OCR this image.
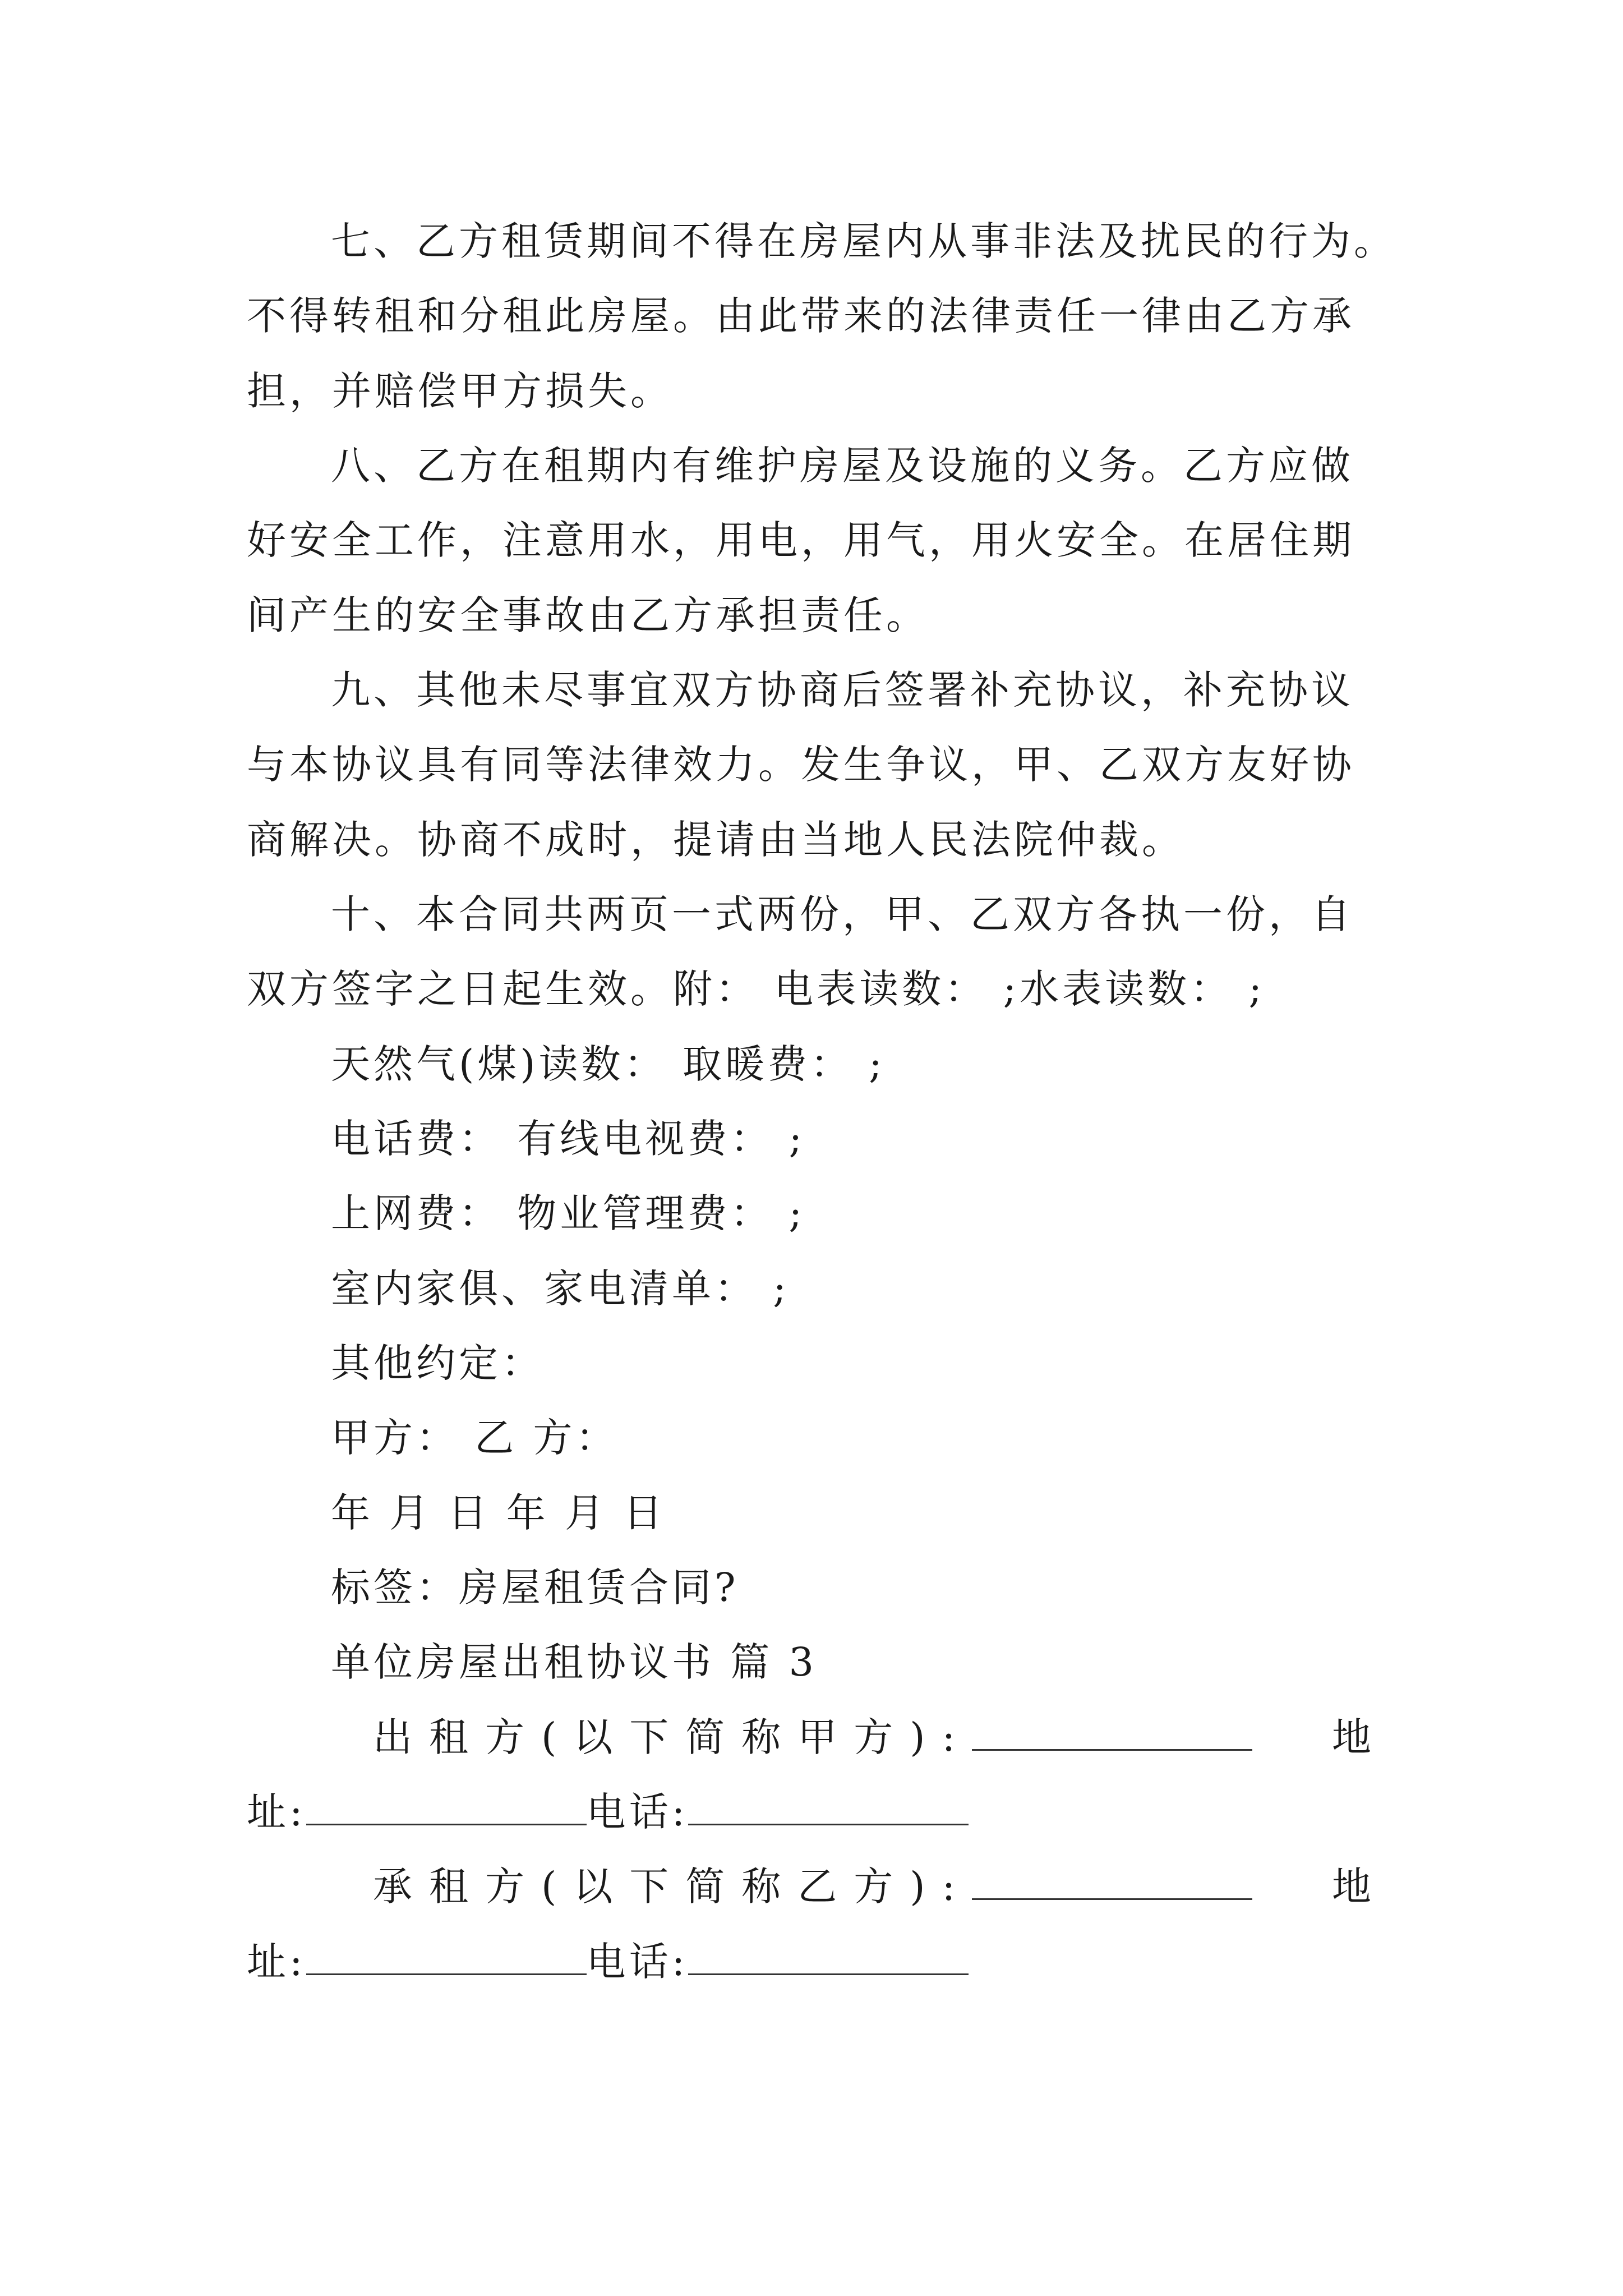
七、乙方租赁期间不得在房屋内从事非法及扰民的行为。
不得转租和分租此房屋。由此带来的法律责任一律由乙方承
担，并赔偿甲方损失。
八、乙方在租期内有维护房屋及设施的义务。乙方应做
好安全工作，注意用水，用电，用气，用火安全。在居住期
间产生的安全事故由乙方承担责任。
九、其他未尽事宜双方协商后签署补充协议，补充协议
与本协议具有同等法律效力。发生争议，甲、乙双方友好协
商解决。协商不成时，提请由当地人民法院仲裁。
十、本合同共两页一式两份，甲、乙双方各执一份，自
双方签字之日起生效。附： 电表读数： ;水表读数： ;
天然气(煤)读数： 取暖费： ;
电话费： 有线电视费： ;
上网费： 物业管理费： ;
室内家俱、家电清单： ;
其他约定：
甲方： 乙 方：
年 月 日 年 月 日
标签：房屋租赁合同?
单位房屋出租协议书 篇 3
出租方(以下简称甲方):	地
址:	电话:
承租方(以下简称乙方):	地
址:	电话:
